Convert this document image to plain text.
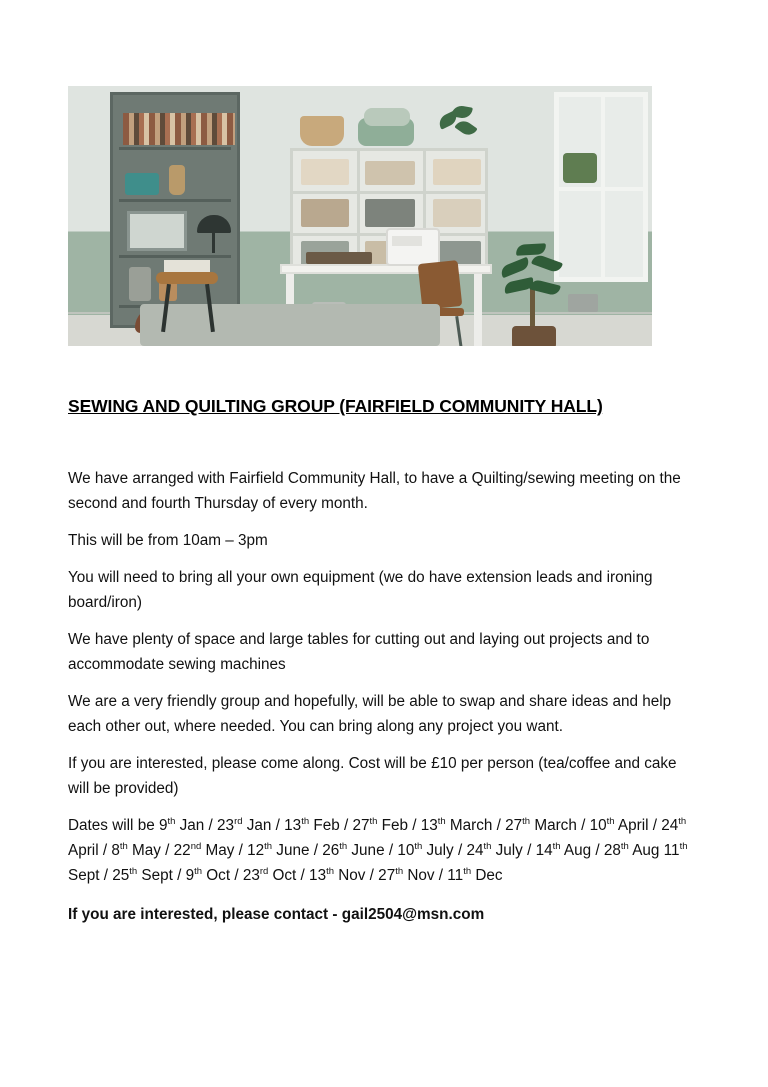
SEWING AND QUILTING GROUP (FAIRFIELD COMMUNITY HALL)

We have arranged with Fairfield Community Hall, to have a Quilting/sewing meeting on the second and fourth Thursday of every month.

This will be from 10am – 3pm

You will need to bring all your own equipment (we do have extension leads and ironing board/iron)

We have plenty of space and large tables for cutting out and laying out projects and to accommodate sewing machines

We are a very friendly group and hopefully, will be able to swap and share ideas and help each other out, where needed. You can bring along any project you want.

If you are interested, please come along. Cost will be £10 per person (tea/coffee and cake will be provided)

Dates will be 9th Jan / 23rd Jan / 13th Feb / 27th Feb / 13th March / 27th March / 10th April / 24th April / 8th May / 22nd May / 12th June / 26th June / 10th July / 24th July / 14th Aug / 28th Aug 11th Sept / 25th Sept / 9th Oct / 23rd Oct / 13th Nov / 27th Nov / 11th Dec

If you are interested, please contact - gail2504@msn.com
